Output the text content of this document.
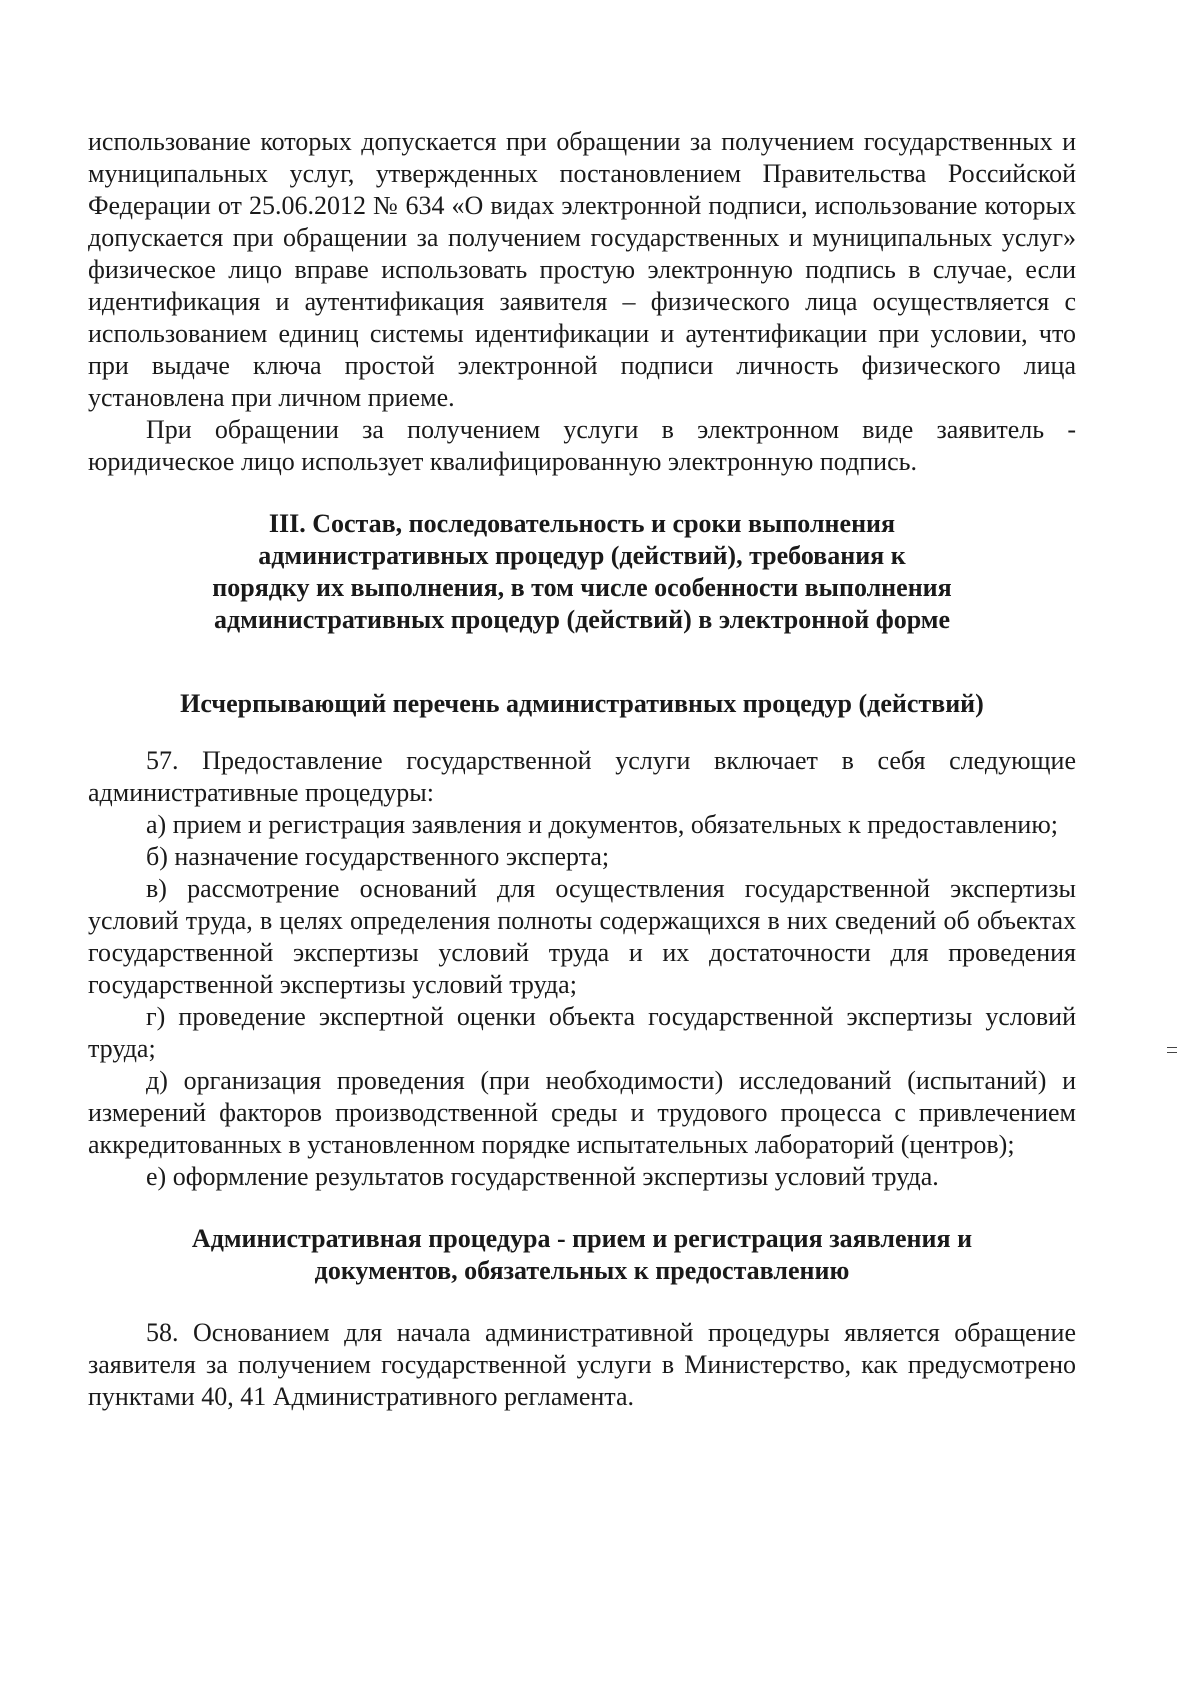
использование которых допускается при обращении за получением государственных и муниципальных услуг, утвержденных постановлением Правительства Российской Федерации от 25.06.2012 № 634 «О видах электронной подписи, использование которых допускается при обращении за получением государственных и муниципальных услуг» физическое лицо вправе использовать простую электронную подпись в случае, если идентификация и аутентификация заявителя – физического лица осуществляется с использованием единиц системы идентификации и аутентификации при условии, что при выдаче ключа простой электронной подписи личность физического лица установлена при личном приеме.

При обращении за получением услуги в электронном виде заявитель - юридическое лицо использует квалифицированную электронную подпись.

III. Состав, последовательность и сроки выполнения административных процедур (действий), требования к порядку их выполнения, в том числе особенности выполнения административных процедур (действий) в электронной форме

Исчерпывающий перечень административных процедур (действий)

57. Предоставление государственной услуги включает в себя следующие административные процедуры:

а) прием и регистрация заявления и документов, обязательных к предоставлению;

б) назначение государственного эксперта;

в) рассмотрение оснований для осуществления государственной экспертизы условий труда, в целях определения полноты содержащихся в них сведений об объектах государственной экспертизы условий труда и их достаточности для проведения государственной экспертизы условий труда;

г) проведение экспертной оценки объекта государственной экспертизы условий труда;

д) организация проведения (при необходимости) исследований (испытаний) и измерений факторов производственной среды и трудового процесса с привлечением аккредитованных в установленном порядке испытательных лабораторий (центров);

е) оформление результатов государственной экспертизы условий труда.

Административная процедура - прием и регистрация заявления и документов, обязательных к предоставлению

58. Основанием для начала административной процедуры является обращение заявителя за получением государственной услуги в Министерство, как предусмотрено пунктами 40, 41 Административного регламента.
